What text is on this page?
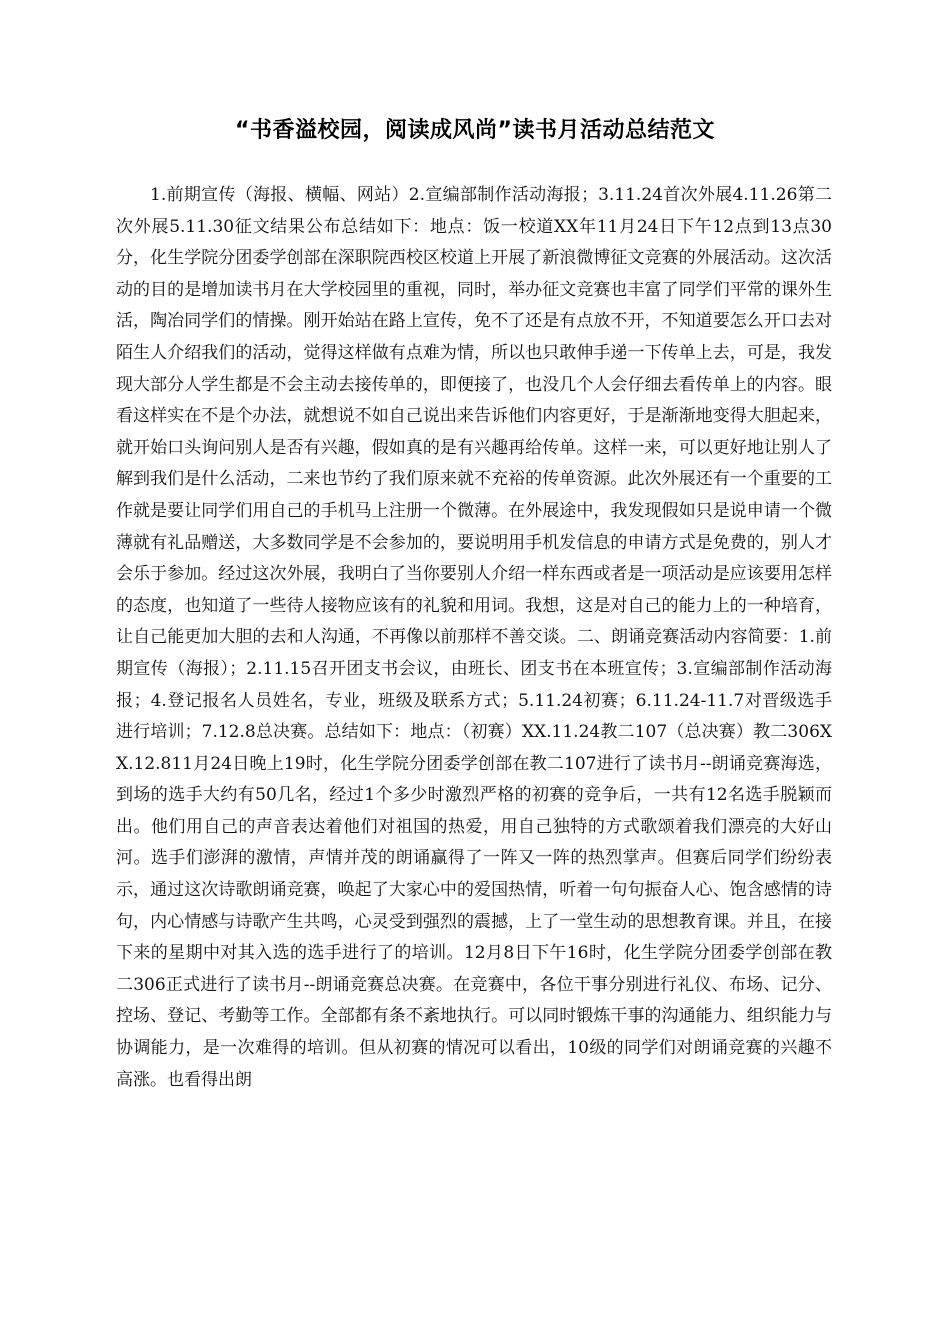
“书香溢校园，阅读成风尚”读书月活动总结范文

1.前期宣传（海报、横幅、网站）2.宣编部制作活动海报；3.11.24首次外展4.11.26第二次外展5.11.30征文结果公布总结如下：地点：饭一校道XX年11月24日下午12点到13点30分，化生学院分团委学创部在深职院西校区校道上开展了新浪微博征文竞赛的外展活动。这次活动的目的是增加读书月在大学校园里的重视，同时，举办征文竞赛也丰富了同学们平常的课外生活，陶冶同学们的情操。刚开始站在路上宣传，免不了还是有点放不开，不知道要怎么开口去对陌生人介绍我们的活动，觉得这样做有点难为情，所以也只敢伸手递一下传单上去，可是，我发现大部分人学生都是不会主动去接传单的，即便接了，也没几个人会仔细去看传单上的内容。眼看这样实在不是个办法，就想说不如自己说出来告诉他们内容更好，于是渐渐地变得大胆起来，就开始口头询问别人是否有兴趣，假如真的是有兴趣再给传单。这样一来，可以更好地让别人了解到我们是什么活动，二来也节约了我们原来就不充裕的传单资源。此次外展还有一个重要的工作就是要让同学们用自己的手机马上注册一个微薄。在外展途中，我发现假如只是说申请一个微薄就有礼品赠送，大多数同学是不会参加的，要说明用手机发信息的申请方式是免费的，别人才会乐于参加。经过这次外展，我明白了当你要别人介绍一样东西或者是一项活动是应该要用怎样的态度，也知道了一些待人接物应该有的礼貌和用词。我想，这是对自己的能力上的一种培育，让自己能更加大胆的去和人沟通，不再像以前那样不善交谈。二、朗诵竞赛活动内容简要：1.前期宣传（海报）；2.11.15召开团支书会议，由班长、团支书在本班宣传；3.宣编部制作活动海报；4.登记报名人员姓名，专业，班级及联系方式；5.11.24初赛；6.11.24-11.7对晋级选手进行培训；7.12.8总决赛。总结如下：地点：（初赛）XX.11.24教二107（总决赛）教二306XX.12.811月24日晚上19时，化生学院分团委学创部在教二107进行了读书月--朗诵竞赛海选，到场的选手大约有50几名，经过1个多少时激烈严格的初赛的竞争后，一共有12名选手脱颖而出。他们用自己的声音表达着他们对祖国的热爱，用自己独特的方式歌颂着我们漂亮的大好山河。选手们澎湃的激情，声情并茂的朗诵赢得了一阵又一阵的热烈掌声。但赛后同学们纷纷表示，通过这次诗歌朗诵竞赛，唤起了大家心中的爱国热情，听着一句句振奋人心、饱含感情的诗句，内心情感与诗歌产生共鸣，心灵受到强烈的震撼，上了一堂生动的思想教育课。并且，在接下来的星期中对其入选的选手进行了的培训。12月8日下午16时，化生学院分团委学创部在教二306正式进行了读书月--朗诵竞赛总决赛。在竞赛中，各位干事分别进行礼仪、布场、记分、控场、登记、考勤等工作。全部都有条不紊地执行。可以同时锻炼干事的沟通能力、组织能力与协调能力，是一次难得的培训。但从初赛的情况可以看出，10级的同学们对朗诵竞赛的兴趣不高涨。也看得出朗
